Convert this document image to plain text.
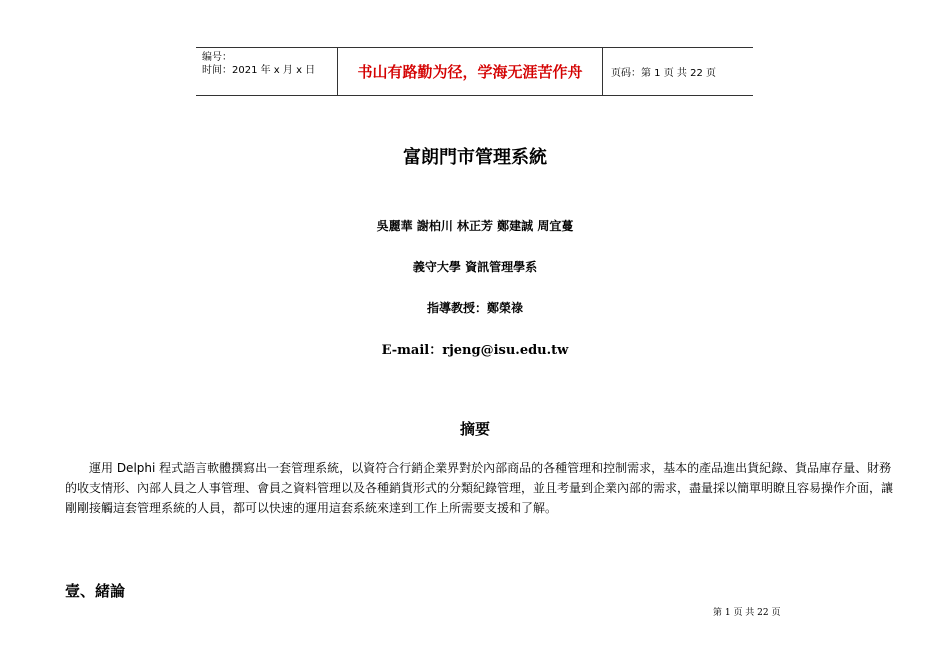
编号：
时间：2021 年 x 月 x 日	书山有路勤为径，学海无涯苦作舟	页码：第 1 页 共 22 页
富朗門市管理系統
吳麗華 謝柏川 林正芳 鄭建誠 周宜蔓
義守大學 資訊管理學系
指導教授：鄭榮祿
E-mail：rjeng@isu.edu.tw
摘要
運用 Delphi 程式語言軟體撰寫出一套管理系統，以資符合行銷企業界對於內部商品的各種管理和控制需求，基本的產品進出貨紀錄、貨品庫存量、財務的收支情形、內部人員之人事管理、會員之資料管理以及各種銷貨形式的分類紀錄管理，並且考量到企業內部的需求，盡量採以簡單明瞭且容易操作介面，讓剛剛接觸這套管理系統的人員，都可以快速的運用這套系統來達到工作上所需要支援和了解。
壹、緒論
第 1 页 共 22 页
